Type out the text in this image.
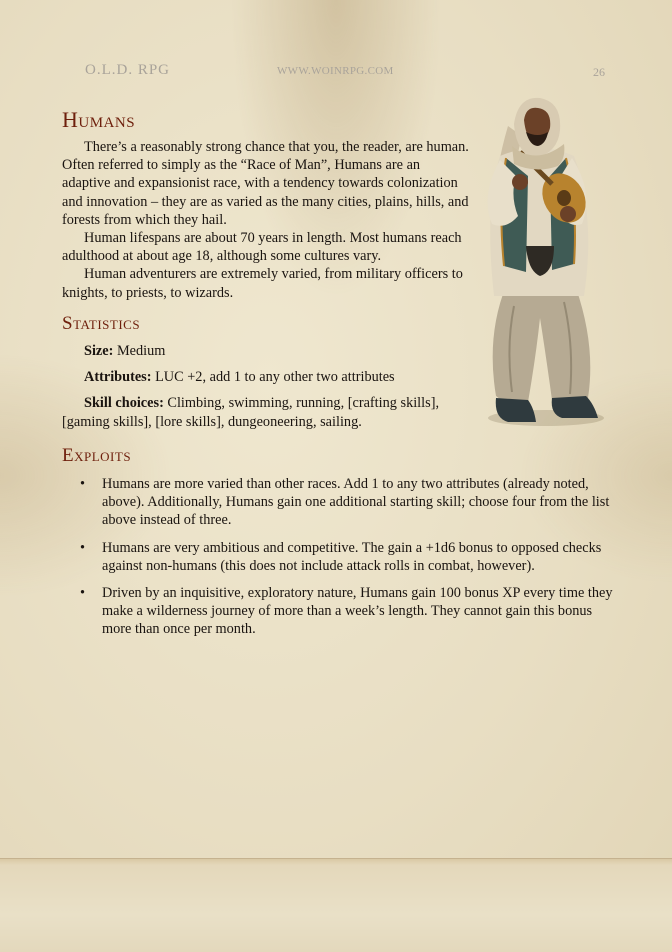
O.L.D. RPG	WWW.WOINRPG.COM	26
Humans

There’s a reasonably strong chance that you, the reader, are human. Often referred to simply as the “Race of Man”, Humans are an adaptive and expansionist race, with a tendency towards colonization and innovation – they are as varied as the many cities, plains, hills, and forests from which they hail.

Human lifespans are about 70 years in length. Most humans reach adulthood at about age 18, although some cultures vary.

Human adventurers are extremely varied, from military officers to knights, to priests, to wizards.

Statistics

Size: Medium

Attributes: LUC +2, add 1 to any other two attributes

Skill choices: Climbing, swimming, running, [crafting skills], [gaming skills], [lore skills], dungeoneering, sailing.

Exploits
• Humans are more varied than other races. Add 1 to any two attributes (already noted, above). Additionally, Humans gain one additional starting skill; choose four from the list above instead of three.
• Humans are very ambitious and competitive. The gain a +1d6 bonus to opposed checks against non-humans (this does not include attack rolls in combat, however).
• Driven by an inquisitive, exploratory nature, Humans gain 100 bonus XP every time they make a wilderness journey of more than a week’s length. They cannot gain this bonus more than once per month.
